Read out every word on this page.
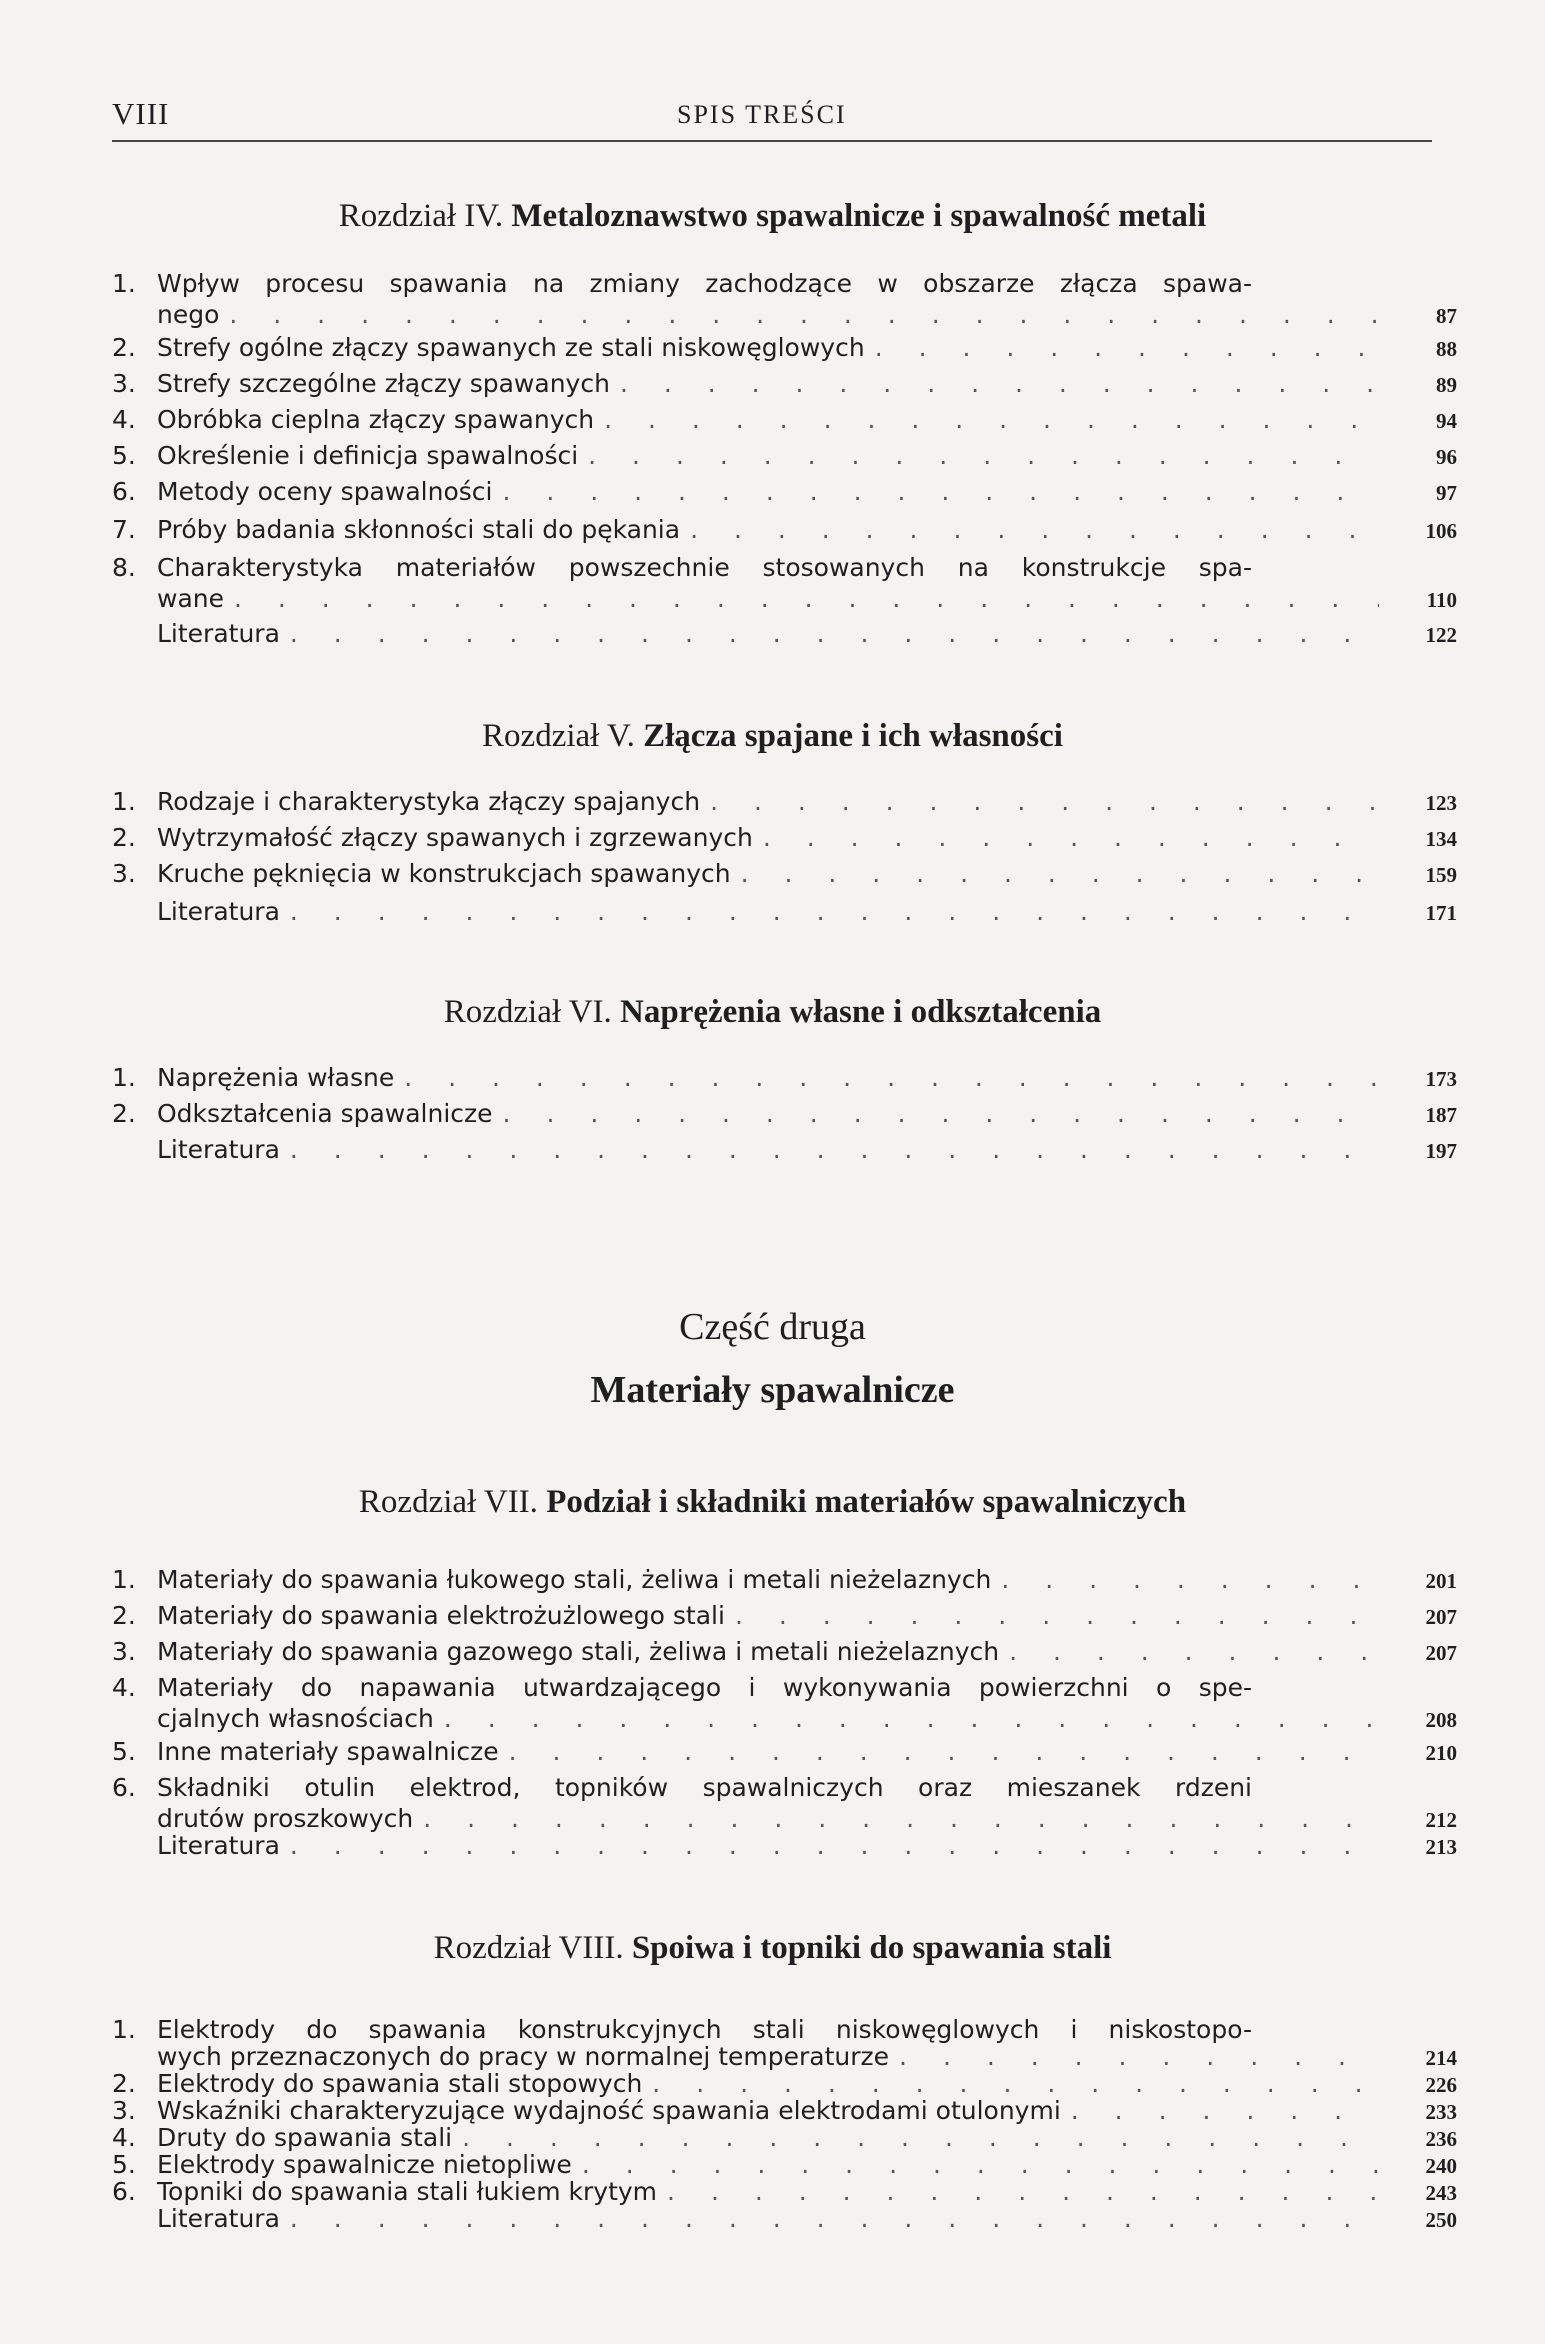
VIII	SPIS TREŚCI
Rozdział IV. Metaloznawstwo spawalnicze i spawalność metali
1. Wpływ procesu spawania na zmiany zachodzące w obszarze złącza spawa-
nego . . .	87
2. Strefy ogólne złączy spawanych ze stali niskowęglowych . . .	88
3. Strefy szczególne złączy spawanych . . .	89
4. Obróbka cieplna złączy spawanych . . .	94
5. Określenie i definicja spawalności . . .	96
6. Metody oceny spawalności . . .	97
7. Próby badania skłonności stali do pękania . . .	106
8. Charakterystyka materiałów powszechnie stosowanych na konstrukcje spa-
wane . . .	110
Literatura . . .	122
Rozdział V. Złącza spajane i ich własności
1. Rodzaje i charakterystyka złączy spajanych . . .	123
2. Wytrzymałość złączy spawanych i zgrzewanych . . .	134
3. Kruche pęknięcia w konstrukcjach spawanych . . .	159
Literatura . . .	171
Rozdział VI. Naprężenia własne i odkształcenia
1. Naprężenia własne . . .	173
2. Odkształcenia spawalnicze . . .	187
Literatura . . .	197
Część druga
Materiały spawalnicze
Rozdział VII. Podział i składniki materiałów spawalniczych
1. Materiały do spawania łukowego stali, żeliwa i metali nieżelaznych . . .	201
2. Materiały do spawania elektrożużlowego stali . . .	207
3. Materiały do spawania gazowego stali, żeliwa i metali nieżelaznych . . .	207
4. Materiały do napawania utwardzającego i wykonywania powierzchni o spe-
cjalnych własnościach . . .	208
5. Inne materiały spawalnicze . . .	210
6. Składniki otulin elektrod, topników spawalniczych oraz mieszanek rdzeni
drutów proszkowych . . .	212
Literatura . . .	213
Rozdział VIII. Spoiwa i topniki do spawania stali
1. Elektrody do spawania konstrukcyjnych stali niskowęglowych i niskostopo-
wych przeznaczonych do pracy w normalnej temperaturze . . .	214
2. Elektrody do spawania stali stopowych . . .	226
3. Wskaźniki charakteryzujące wydajność spawania elektrodami otulonymi . . .	233
4. Druty do spawania stali . . .	236
5. Elektrody spawalnicze nietopliwe . . .	240
6. Topniki do spawania stali łukiem krytym . . .	243
Literatura . . .	250
